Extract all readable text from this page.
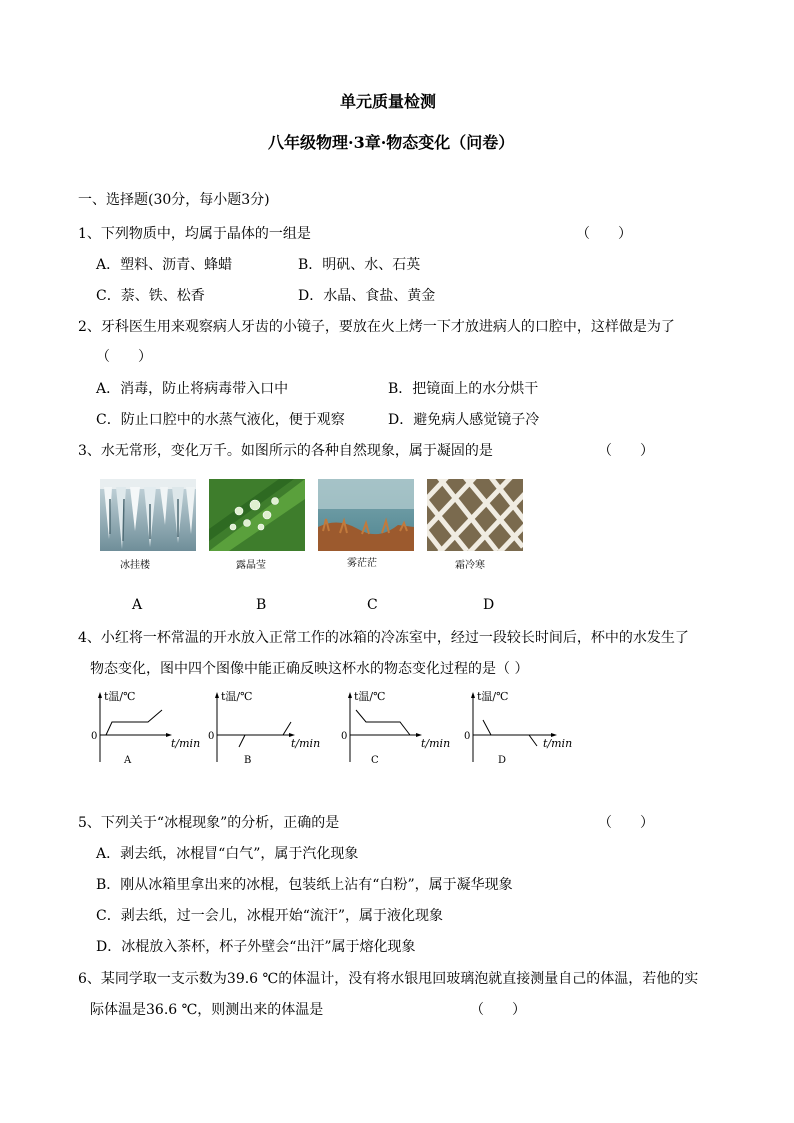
单元质量检测
八年级物理·3章·物态变化（问卷）
一、选择题(30分，每小题3分)
1、下列物质中，均属于晶体的一组是	（　　）
A．塑料、沥青、蜂蜡	B．明矾、水、石英
C．萘、铁、松香	D．水晶、食盐、黄金
2、牙科医生用来观察病人牙齿的小镜子，要放在火上烤一下才放进病人的口腔中，这样做是为了
（　　）
A．消毒，防止将病毒带入口中	B．把镜面上的水分烘干
C．防止口腔中的水蒸气液化，便于观察	D．避免病人感觉镜子冷
3、水无常形，变化万千。如图所示的各种自然现象，属于凝固的是	（　　）
冰挂楼	露晶莹	雾茫茫	霜冷寒
A	B	C	D
4、小红将一杯常温的开水放入正常工作的冰箱的冷冻室中，经过一段较长时间后，杯中的水发生了
物态变化，图中四个图像中能正确反映这杯水的物态变化过程的是（ ）
t温/℃
0
t/min
A
t温/℃
0
t/min
B
t温/℃
0
t/min
C
t温/℃
0
t/min
D
5、下列关于“冰棍现象”的分析，正确的是	（　　）
A．剥去纸，冰棍冒“白气”，属于汽化现象
B．刚从冰箱里拿出来的冰棍，包装纸上沾有“白粉”，属于凝华现象
C．剥去纸，过一会儿，冰棍开始“流汗”，属于液化现象
D．冰棍放入茶杯，杯子外壁会“出汗”属于熔化现象
6、某同学取一支示数为39.6 ℃的体温计，没有将水银甩回玻璃泡就直接测量自己的体温，若他的实
际体温是36.6 ℃，则测出来的体温是	（　　）
